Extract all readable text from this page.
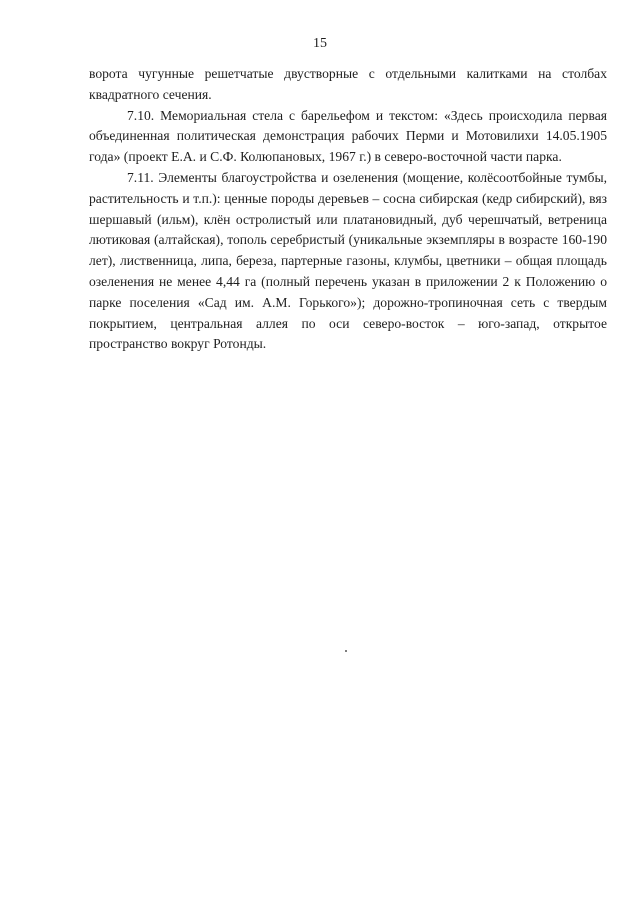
15

ворота чугунные решетчатые двустворные с отдельными калитками на столбах квадратного сечения.

7.10. Мемориальная стела с барельефом и текстом: «Здесь происходила первая объединенная политическая демонстрация рабочих Перми и Мотовилихи 14.05.1905 года» (проект Е.А. и С.Ф. Колюпановых, 1967 г.) в северо-восточной части парка.

7.11. Элементы благоустройства и озеленения (мощение, колёсоотбойные тумбы, растительность и т.п.): ценные породы деревьев – сосна сибирская (кедр сибирский), вяз шершавый (ильм), клён остролистый или платановидный, дуб черешчатый, ветреница лютиковая (алтайская), тополь серебристый (уникальные экземпляры в возрасте 160-190 лет), лиственница, липа, береза, партерные газоны, клумбы, цветники – общая площадь озеленения не менее 4,44 га (полный перечень указан в приложении 2 к Положению о парке поселения «Сад им. А.М. Горького»); дорожно-тропиночная сеть с твердым покрытием, центральная аллея по оси северо-восток – юго-запад, открытое пространство вокруг Ротонды.
